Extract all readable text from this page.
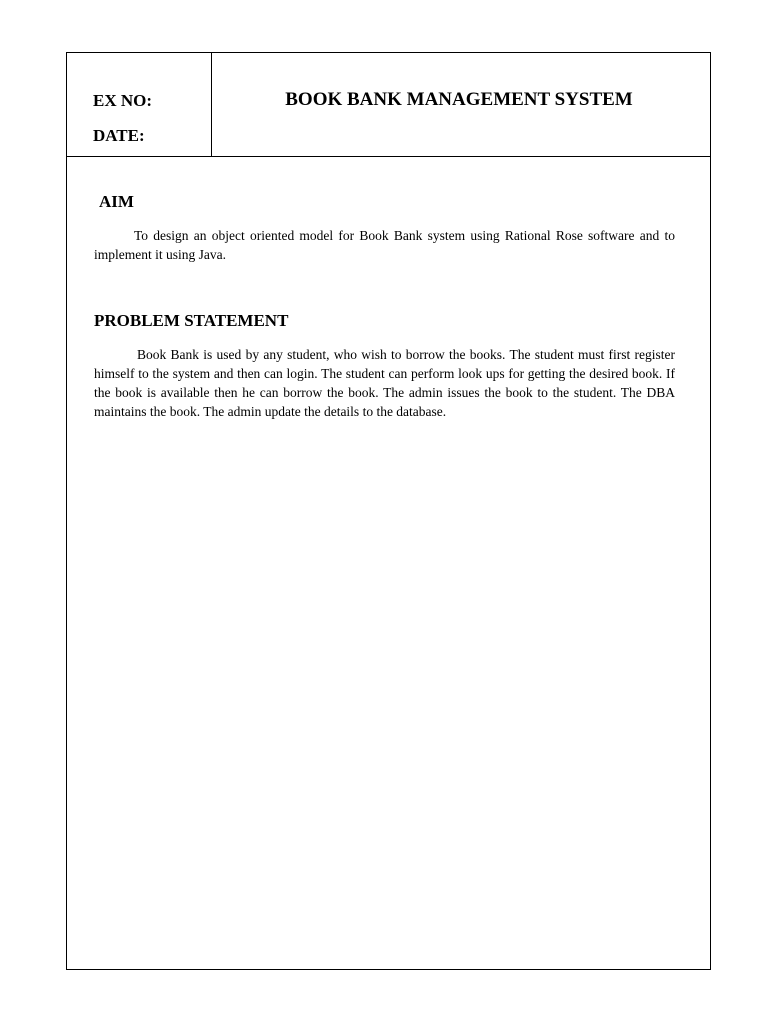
EX NO:
DATE:
BOOK BANK MANAGEMENT SYSTEM
AIM

To design an object oriented model for Book Bank system using Rational Rose software and to implement it using Java.

PROBLEM STATEMENT

Book Bank is used by any student, who wish to borrow the books. The student must first register himself to the system and then can login. The student can perform look ups for getting the desired book. If the book is available then he can borrow the book. The admin issues the book to the student. The DBA maintains the book. The admin update the details to the database.
